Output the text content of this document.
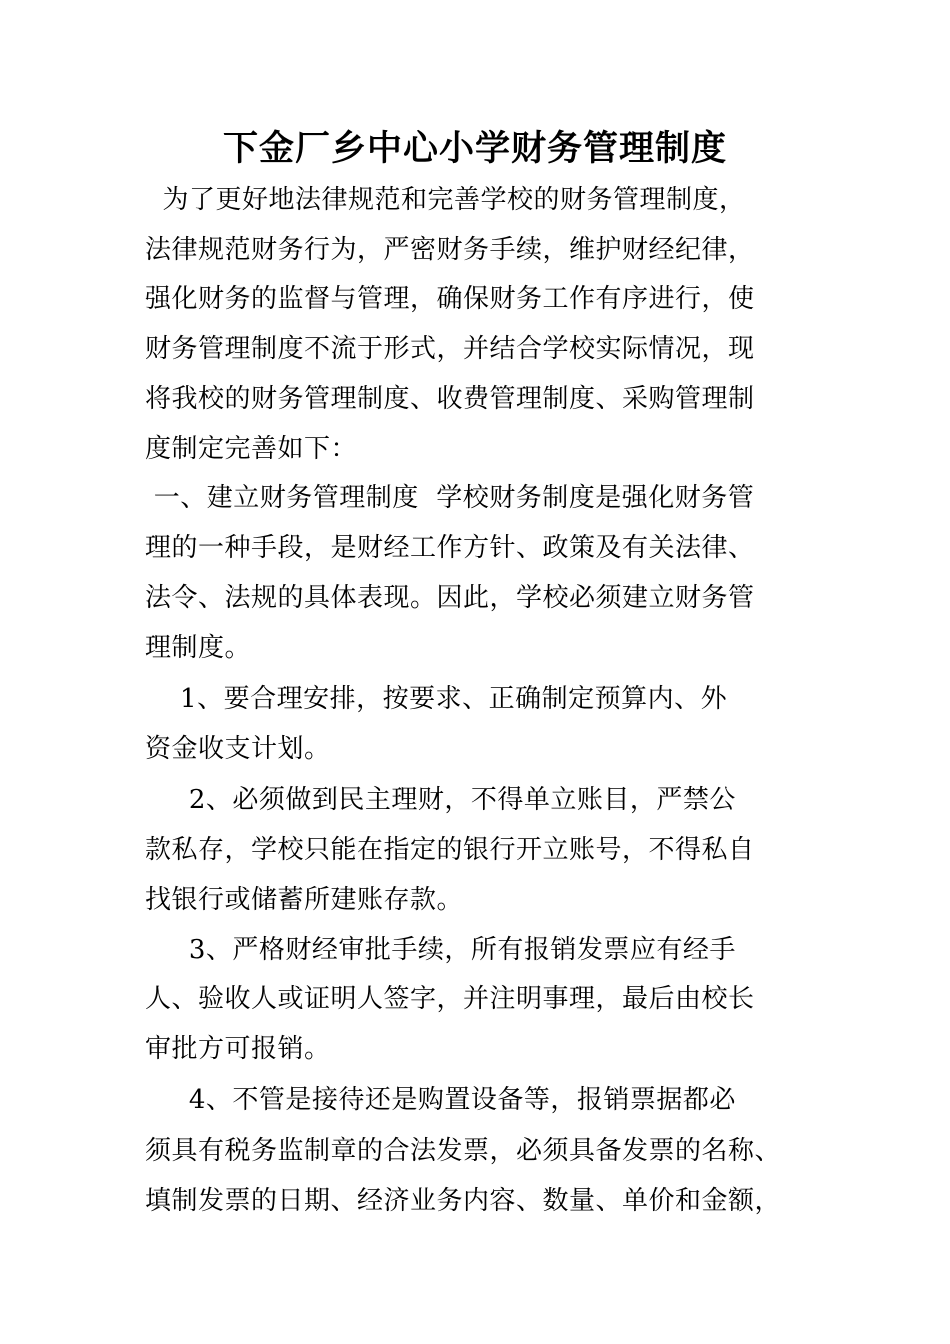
下金厂乡中心小学财务管理制度
为了更好地法律规范和完善学校的财务管理制度，
法律规范财务行为，严密财务手续，维护财经纪律，
强化财务的监督与管理，确保财务工作有序进行，使
财务管理制度不流于形式，并结合学校实际情况，现
将我校的财务管理制度、收费管理制度、采购管理制
度制定完善如下：
一、建立财务管理制度  学校财务制度是强化财务管
理的一种手段，是财经工作方针、政策及有关法律、
法令、法规的具体表现。因此，学校必须建立财务管
理制度。
1、要合理安排，按要求、正确制定预算内、外
资金收支计划。
2、必须做到民主理财，不得单立账目，严禁公
款私存，学校只能在指定的银行开立账号，不得私自
找银行或储蓄所建账存款。
3、严格财经审批手续，所有报销发票应有经手
人、验收人或证明人签字，并注明事理，最后由校长
审批方可报销。
4、不管是接待还是购置设备等，报销票据都必
须具有税务监制章的合法发票，必须具备发票的名称、
填制发票的日期、经济业务内容、数量、单价和金额，
